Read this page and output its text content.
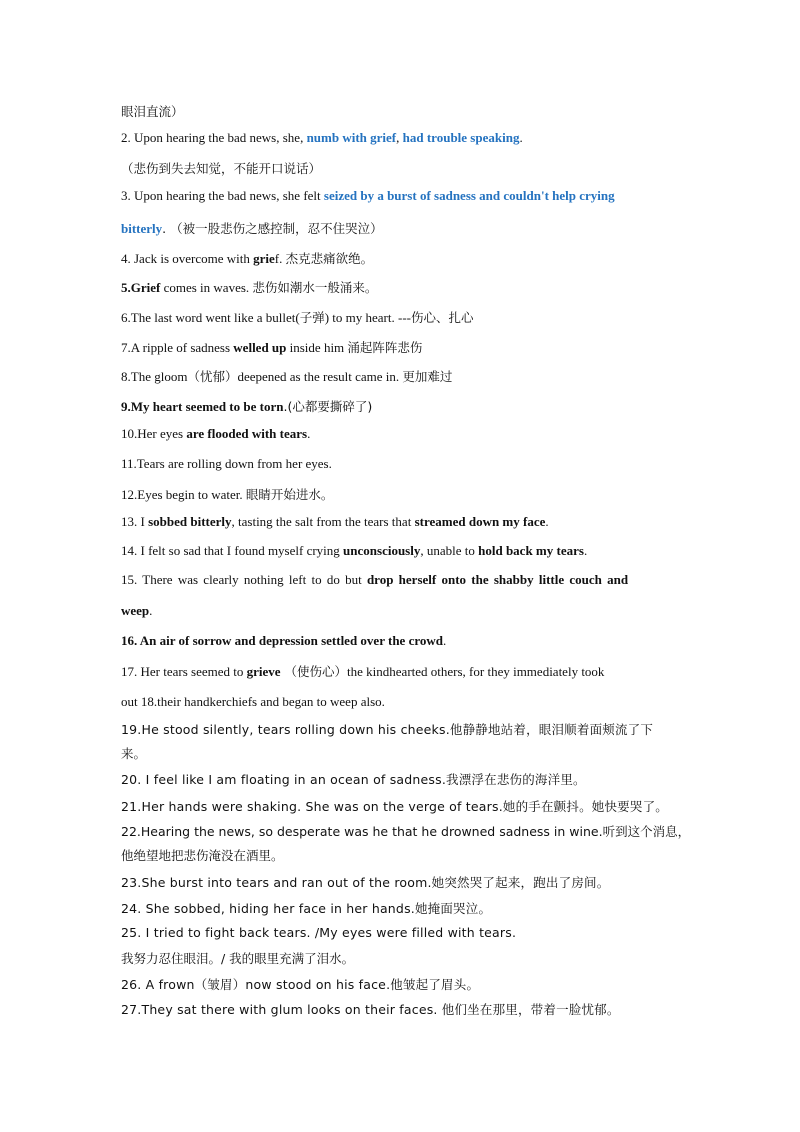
眼泪直流）
2. Upon hearing the bad news, she, numb with grief, had trouble speaking.
（悲伤到失去知觉，不能开口说话）
3. Upon hearing the bad news, she felt seized by a burst of sadness and couldn't help crying
bitterly. （被一股悲伤之感控制，忍不住哭泣）
4. Jack is overcome with grief. 杰克悲痛欲绝。
5.Grief comes in waves. 悲伤如潮水一般涌来。
6.The last word went like a bullet(子弹) to my heart. ---伤心、扎心
7.A ripple of sadness welled up inside him 涌起阵阵悲伤
8.The gloom（忧郁）deepened as the result came in. 更加难过
9.My heart seemed to be torn.(心都要撕碎了)
10.Her eyes are flooded with tears.
11.Tears are rolling down from her eyes.
12.Eyes begin to water. 眼睛开始进水。
13. I sobbed bitterly, tasting the salt from the tears that streamed down my face.
14. I felt so sad that I found myself crying unconsciously, unable to hold back my tears.
15. There was clearly nothing left to do but drop herself onto the shabby little couch and
weep.
16. An air of sorrow and depression settled over the crowd.
17. Her tears seemed to grieve （使伤心）the kindhearted others, for they immediately took
out 18.their handkerchiefs and began to weep also.
19.He stood silently, tears rolling down his cheeks.他静静地站着，眼泪顺着面颊流了下
来。
20. I feel like I am floating in an ocean of sadness.我漂浮在悲伤的海洋里。
21.Her hands were shaking. She was on the verge of tears.她的手在颤抖。她快要哭了。
22.Hearing the news, so desperate was he that he drowned sadness in wine.听到这个消息，
他绝望地把悲伤淹没在酒里。
23.She burst into tears and ran out of the room.她突然哭了起来，跑出了房间。
24. She sobbed, hiding her face in her hands.她掩面哭泣。
25. I tried to fight back tears. /My eyes were filled with tears.
我努力忍住眼泪。/ 我的眼里充满了泪水。
26. A frown（皱眉）now stood on his face.他皱起了眉头。
27.They sat there with glum looks on their faces. 他们坐在那里，带着一脸忧郁。
